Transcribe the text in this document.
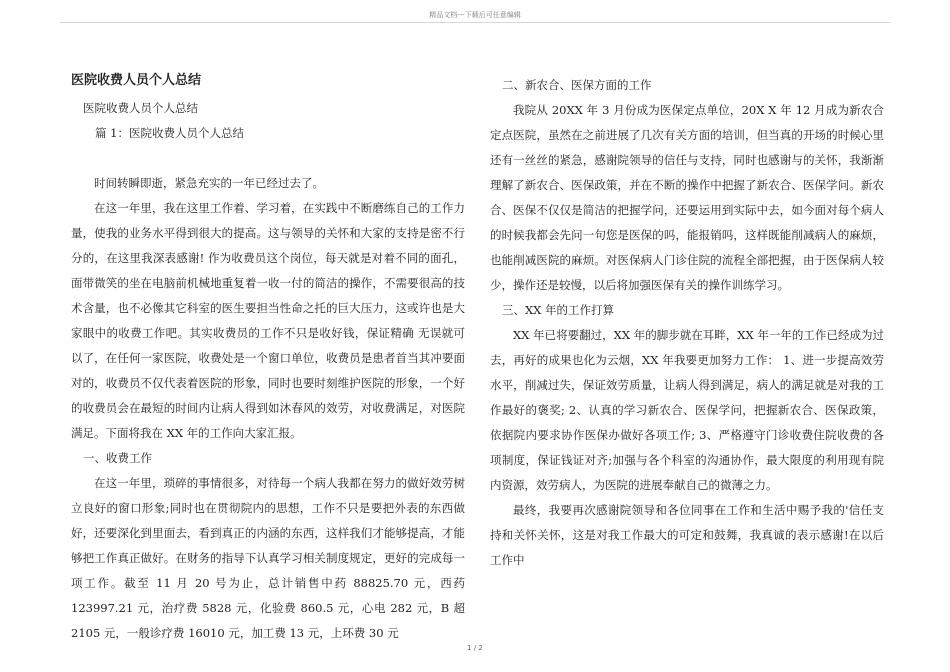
精品文档---下载后可任意编辑
医院收费人员个人总结

医院收费人员个人总结

篇 1：医院收费人员个人总结

时间转瞬即逝，紧急充实的一年已经过去了。

在这一年里，我在这里工作着、学习着，在实践中不断磨练自己的工作力量，使我的业务水平得到很大的提高。这与领导的关怀和大家的支持是密不行分的，在这里我深表感谢! 作为收费员这个岗位，每天就是对着不同的面孔，面带微笑的坐在电脑前机械地重复着一收一付的简洁的操作，不需要很高的技术含量，也不必像其它科室的医生要担当性命之托的巨大压力，这或许也是大家眼中的收费工作吧。其实收费员的工作不只是收好钱，保证精确 无误就可以了，在任何一家医院，收费处是一个窗口单位，收费员是患者首当其冲要面对的，收费员不仅代表着医院的形象，同时也要时刻维护医院的形象，一个好的收费员会在最短的时间内让病人得到如沐春风的效劳，对收费满足，对医院满足。下面将我在 XX 年的工作向大家汇报。

一、收费工作

在这一年里，琐碎的事情很多，对待每一个病人我都在努力的做好效劳树立良好的窗口形象;同时也在贯彻院内的思想，工作不只是要把外表的东西做好，还要深化到里面去，看到真正的内涵的东西，这样我们才能够提高，才能够把工作真正做好。在财务的指导下认真学习相关制度规定，更好的完成每一项工作。截至 11 月 20 号为止，总计销售中药 88825.70 元，西药 123997.21 元，治疗费 5828 元，化验费 860.5 元，心电 282 元，B 超 2105 元，一般诊疗费 16010 元，加工费 13 元，上环费 30 元

二、新农合、医保方面的工作

我院从 20XX 年 3 月份成为医保定点单位，20X X 年 12 月成为新农合定点医院，虽然在之前进展了几次有关方面的培训，但当真的开场的时候心里还有一丝丝的紧急，感谢院领导的信任与支持，同时也感谢与的关怀，我渐渐理解了新农合、医保政策，并在不断的操作中把握了新农合、医保学问。新农合、医保不仅仅是简洁的把握学问，还要运用到实际中去，如今面对每个病人的时候我都会先问一句您是医保的吗，能报销吗，这样既能削减病人的麻烦，也能削减医院的麻烦。对医保病人门诊住院的流程全部把握，由于医保病人较少，操作还是较慢，以后将加强医保有关的操作训练学习。

三、XX 年的工作打算

XX 年已将要翻过，XX 年的脚步就在耳畔，XX 年一年的工作已经成为过去，再好的成果也化为云烟，XX 年我要更加努力工作： 1、进一步提高效劳水平，削减过失，保证效劳质量，让病人得到满足，病人的满足就是对我的工作最好的褒奖; 2、认真的学习新农合、医保学问，把握新农合、医保政策，依据院内要求协作医保办做好各项工作; 3、严格遵守门诊收费住院收费的各项制度，保证钱证对齐;加强与各个科室的沟通协作，最大限度的利用现有院内资源，效劳病人，为医院的进展奉献自己的微薄之力。

最终，我要再次感谢院领导和各位同事在工作和生活中赐予我的'信任支持和关怀关怀，这是对我工作最大的可定和鼓舞，我真诚的表示感谢!在以后工作中

1 / 2
